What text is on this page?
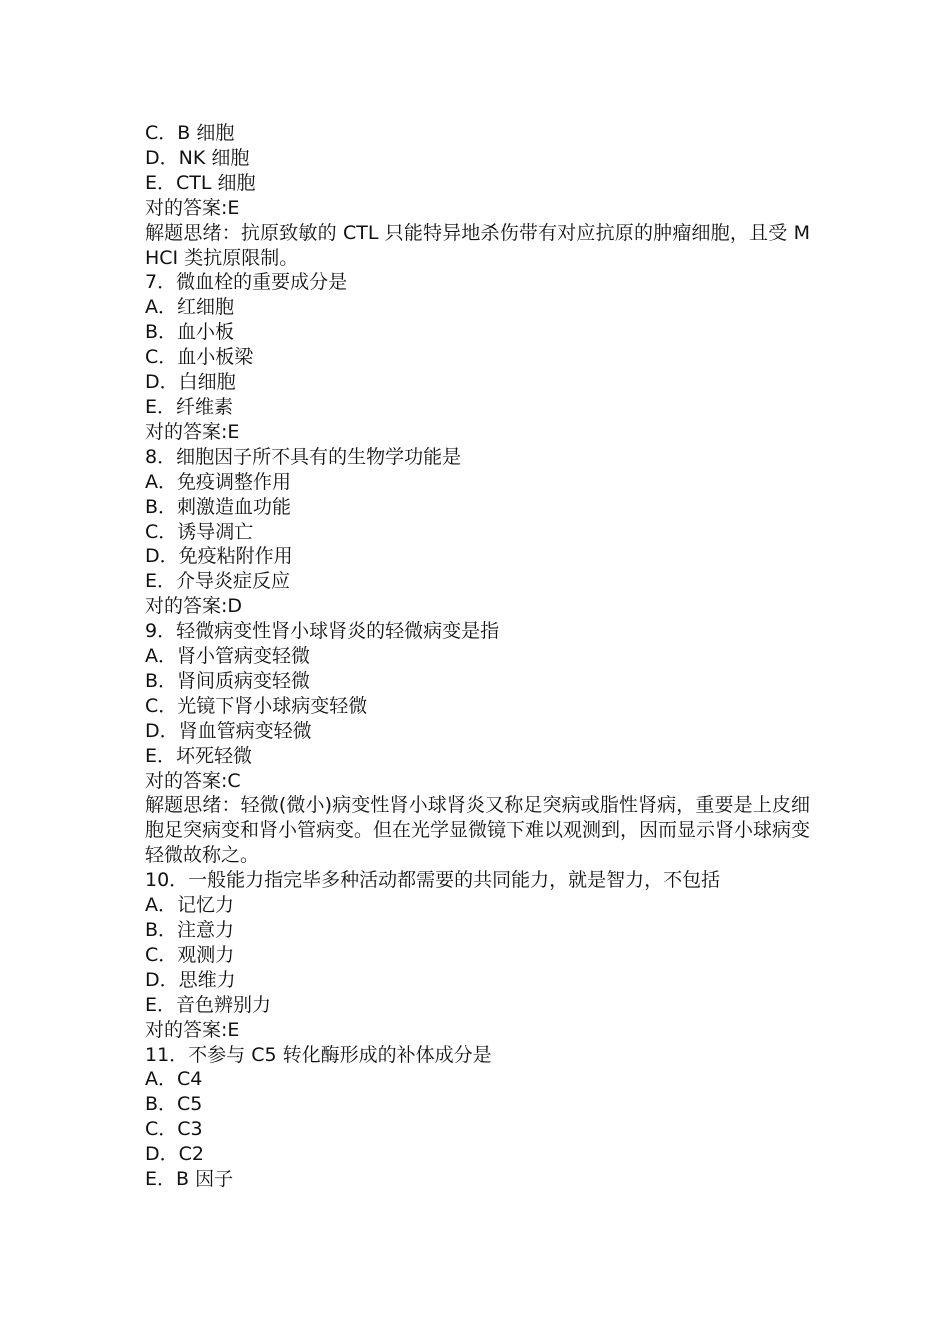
C．B 细胞
D．NK 细胞
E．CTL 细胞
对的答案:E
解题思绪：抗原致敏的 CTL 只能特异地杀伤带有对应抗原的肿瘤细胞，且受 MHCI 类抗原限制。
7．微血栓的重要成分是
A．红细胞
B．血小板
C．血小板梁
D．白细胞
E．纤维素
对的答案:E
8．细胞因子所不具有的生物学功能是
A．免疫调整作用
B．刺激造血功能
C．诱导凋亡
D．免疫粘附作用
E．介导炎症反应
对的答案:D
9．轻微病变性肾小球肾炎的轻微病变是指
A．肾小管病变轻微
B．肾间质病变轻微
C．光镜下肾小球病变轻微
D．肾血管病变轻微
E．坏死轻微
对的答案:C
解题思绪：轻微(微小)病变性肾小球肾炎又称足突病或脂性肾病，重要是上皮细胞足突病变和肾小管病变。但在光学显微镜下难以观测到，因而显示肾小球病变轻微故称之。
10．一般能力指完毕多种活动都需要的共同能力，就是智力，不包括
A．记忆力
B．注意力
C．观测力
D．思维力
E．音色辨别力
对的答案:E
11．不参与 C5 转化酶形成的补体成分是
A．C4
B．C5
C．C3
D．C2
E．B 因子
